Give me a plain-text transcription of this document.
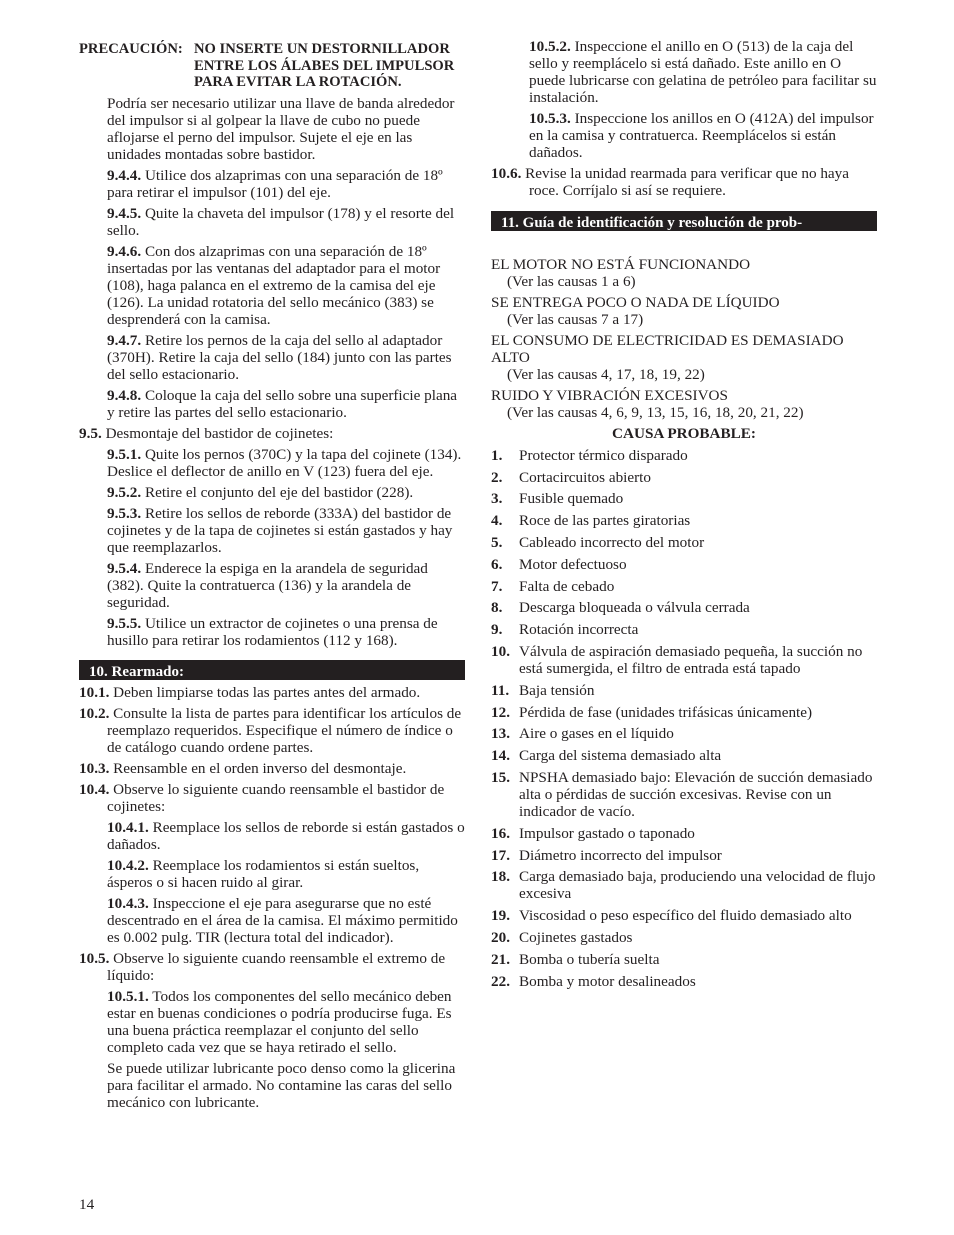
PRECAUCIÓN: NO INSERTE UN DESTORNILLADOR ENTRE LOS ÁLABES DEL IMPULSOR PARA EVITAR LA ROTACIÓN.

Podría ser necesario utilizar una llave de banda alrededor del impulsor si al golpear la llave de cubo no puede aflojarse el perno del impulsor. Sujete el eje en las unidades montadas sobre bastidor.

9.4.4. Utilice dos alzaprimas con una separación de 18º para retirar el impulsor (101) del eje.

9.4.5. Quite la chaveta del impulsor (178) y el resorte del sello.

9.4.6. Con dos alzaprimas con una separación de 18º insertadas por las ventanas del adaptador para el motor (108), haga palanca en el extremo de la camisa del eje (126). La unidad rotatoria del sello mecánico (383) se desprenderá con la camisa.

9.4.7. Retire los pernos de la caja del sello al adaptador (370H). Retire la caja del sello (184) junto con las partes del sello estacionario.

9.4.8. Coloque la caja del sello sobre una superficie plana y retire las partes del sello estacionario.

9.5. Desmontaje del bastidor de cojinetes:

9.5.1. Quite los pernos (370C) y la tapa del cojinete (134). Deslice el deflector de anillo en V (123) fuera del eje.

9.5.2. Retire el conjunto del eje del bastidor (228).

9.5.3. Retire los sellos de reborde (333A) del bastidor de cojinetes y de la tapa de cojinetes si están gastados y hay que reemplazarlos.

9.5.4. Enderece la espiga en la arandela de seguridad (382). Quite la contratuerca (136) y la arandela de seguridad.

9.5.5. Utilice un extractor de cojinetes o una prensa de husillo para retirar los rodamientos (112 y 168).

10. Rearmado:

10.1. Deben limpiarse todas las partes antes del armado.

10.2. Consulte la lista de partes para identificar los artículos de reemplazo requeridos. Especifique el número de índice o de catálogo cuando ordene partes.

10.3. Reensamble en el orden inverso del desmontaje.

10.4. Observe lo siguiente cuando reensamble el bastidor de cojinetes:

10.4.1. Reemplace los sellos de reborde si están gastados o dañados.

10.4.2. Reemplace los rodamientos si están sueltos, ásperos o si hacen ruido al girar.

10.4.3. Inspeccione el eje para asegurarse que no esté descentrado en el área de la camisa. El máximo permitido es 0.002 pulg. TIR (lectura total del indicador).

10.5. Observe lo siguiente cuando reensamble el extremo de líquido:

10.5.1. Todos los componentes del sello mecánico deben estar en buenas condiciones o podría producirse fuga. Es una buena práctica reemplazar el conjunto del sello completo cada vez que se haya retirado el sello.

Se puede utilizar lubricante poco denso como la glicerina para facilitar el armado. No contamine las caras del sello mecánico con lubricante.

14

10.5.2. Inspeccione el anillo en O (513) de la caja del sello y reemplácelo si está dañado. Este anillo en O puede lubricarse con gelatina de petróleo para facilitar su instalación.

10.5.3. Inspeccione los anillos en O (412A) del impulsor en la camisa y contratuerca. Reemplácelos si están dañados.

10.6. Revise la unidad rearmada para verificar que no haya roce. Corríjalo si así se requiere.

11. Guía de identificación y resolución de prob-

EL MOTOR NO ESTÁ FUNCIONANDO

(Ver las causas 1 a 6)

SE ENTREGA POCO O NADA DE LÍQUIDO

(Ver las causas 7 a 17)

EL CONSUMO DE ELECTRICIDAD ES DEMASIADO ALTO

(Ver las causas 4, 17, 18, 19, 22)

RUIDO Y VIBRACIÓN EXCESIVOS

(Ver las causas 4, 6, 9, 13, 15, 16, 18, 20, 21, 22)

CAUSA PROBABLE:

1.	Protector térmico disparado
2.	Cortacircuitos abierto
3.	Fusible quemado
4.	Roce de las partes giratorias
5.	Cableado incorrecto del motor
6.	Motor defectuoso
7.	Falta de cebado
8.	Descarga bloqueada o válvula cerrada
9.	Rotación incorrecta
10. Válvula de aspiración demasiado pequeña, la succión no está sumergida, el filtro de entrada está tapado
11. Baja tensión
12. Pérdida de fase (unidades trifásicas únicamente)
13. Aire o gases en el líquido
14. Carga del sistema demasiado alta
15. NPSHA demasiado bajo: Elevación de succión demasiado alta o pérdidas de succión excesivas. Revise con un indicador de vacío.
16. Impulsor gastado o taponado
17. Diámetro incorrecto del impulsor
18. Carga demasiado baja, produciendo una velocidad de flujo excesiva
19. Viscosidad o peso específico del fluido demasiado alto
20. Cojinetes gastados
21. Bomba o tubería suelta
22. Bomba y motor desalineados
